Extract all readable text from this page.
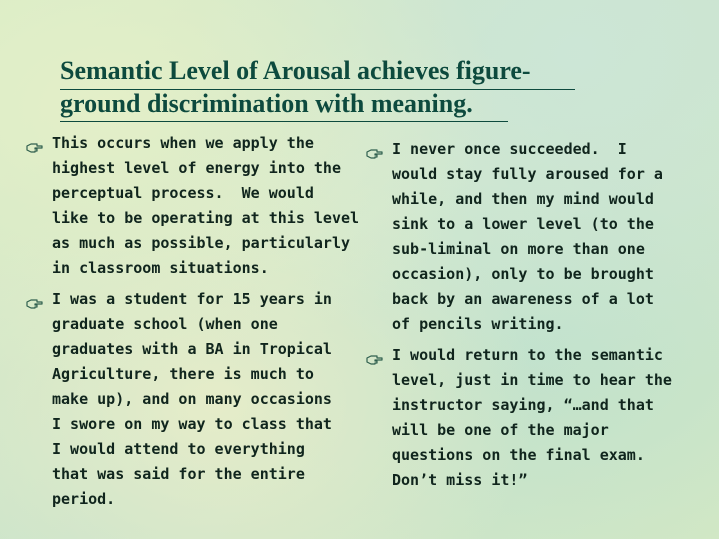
Semantic Level of Arousal achieves figure-
ground discrimination with meaning.
This occurs when we apply the
highest level of energy into the
perceptual process.  We would
like to be operating at this level
as much as possible, particularly
in classroom situations.
I was a student for 15 years in
graduate school (when one
graduates with a BA in Tropical
Agriculture, there is much to
make up), and on many occasions
I swore on my way to class that
I would attend to everything
that was said for the entire
period.
I never once succeeded.  I
would stay fully aroused for a
while, and then my mind would
sink to a lower level (to the
sub-liminal on more than one
occasion), only to be brought
back by an awareness of a lot
of pencils writing.
I would return to the semantic
level, just in time to hear the
instructor saying, “…and that
will be one of the major
questions on the final exam.
Don’t miss it!”
